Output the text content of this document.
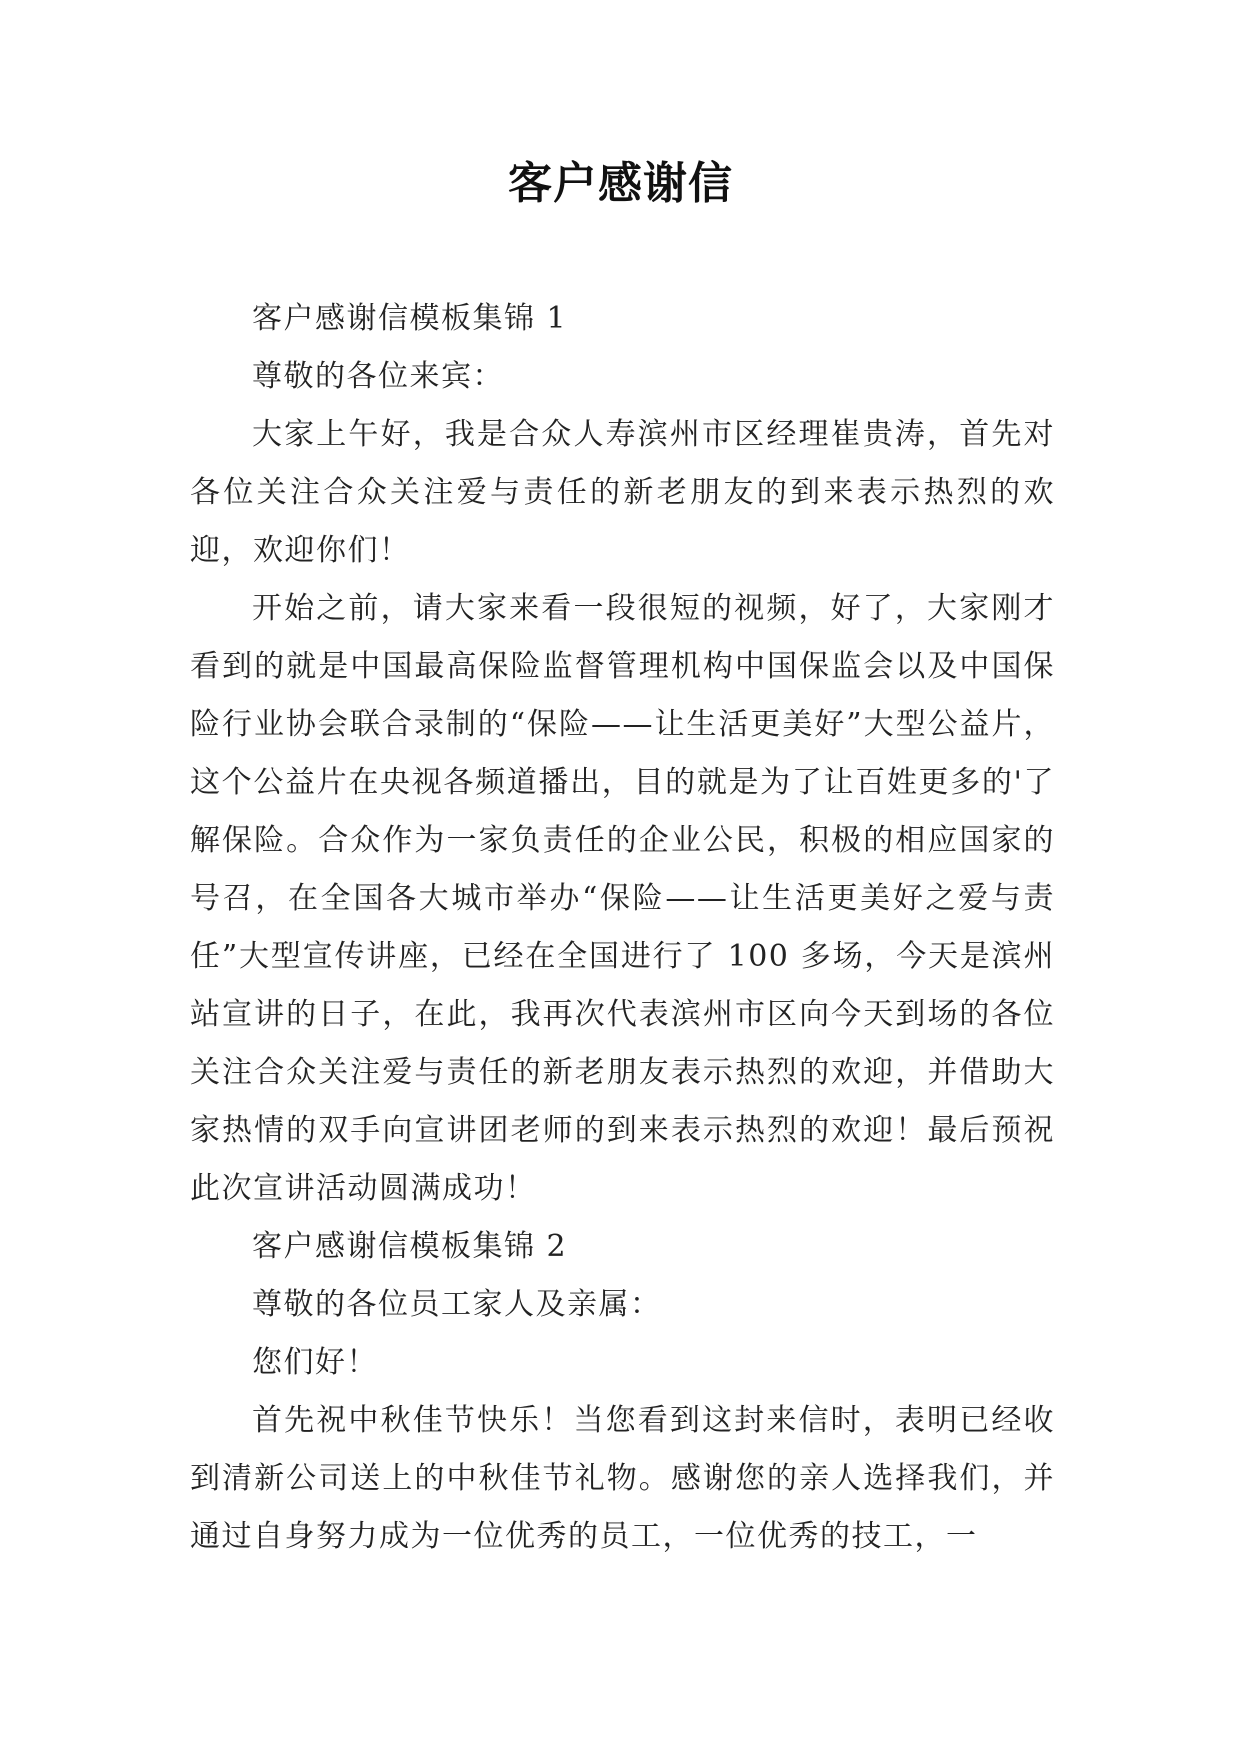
客户感谢信

客户感谢信模板集锦 1

尊敬的各位来宾：

大家上午好，我是合众人寿滨州市区经理崔贵涛，首先对各位关注合众关注爱与责任的新老朋友的到来表示热烈的欢迎，欢迎你们！

开始之前，请大家来看一段很短的视频，好了，大家刚才看到的就是中国最高保险监督管理机构中国保监会以及中国保险行业协会联合录制的“保险——让生活更美好”大型公益片，这个公益片在央视各频道播出，目的就是为了让百姓更多的'了解保险。合众作为一家负责任的企业公民，积极的相应国家的号召，在全国各大城市举办“保险——让生活更美好之爱与责任”大型宣传讲座，已经在全国进行了 100 多场，今天是滨州站宣讲的日子，在此，我再次代表滨州市区向今天到场的各位关注合众关注爱与责任的新老朋友表示热烈的欢迎，并借助大家热情的双手向宣讲团老师的到来表示热烈的欢迎！最后预祝此次宣讲活动圆满成功！

客户感谢信模板集锦 2

尊敬的各位员工家人及亲属：

您们好！

首先祝中秋佳节快乐！当您看到这封来信时，表明已经收到清新公司送上的中秋佳节礼物。感谢您的亲人选择我们，并通过自身努力成为一位优秀的员工，一位优秀的技工，一
